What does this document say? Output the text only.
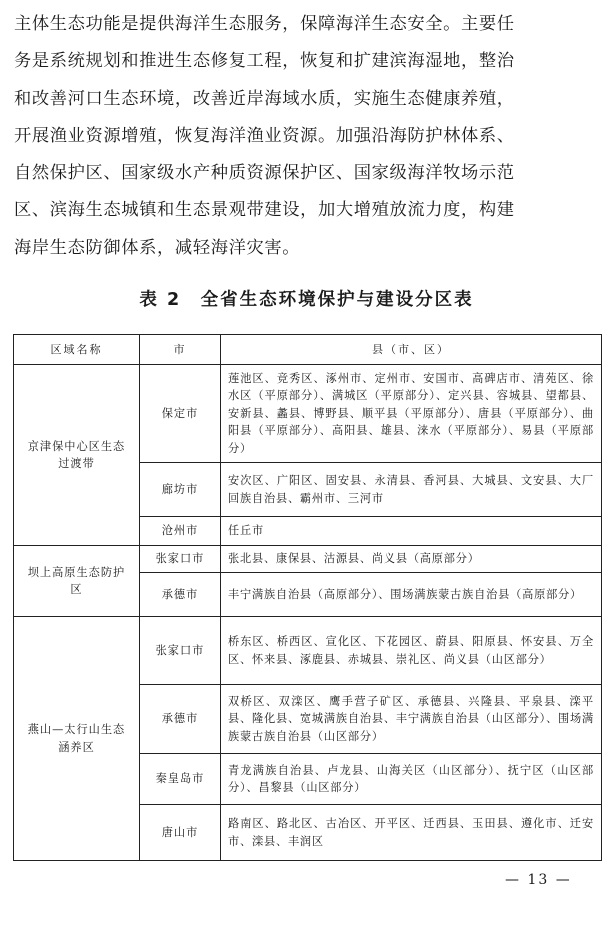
主体生态功能是提供海洋生态服务，保障海洋生态安全。主要任
务是系统规划和推进生态修复工程，恢复和扩建滨海湿地，整治
和改善河口生态环境，改善近岸海域水质，实施生态健康养殖，
开展渔业资源增殖，恢复海洋渔业资源。加强沿海防护林体系、
自然保护区、国家级水产种质资源保护区、国家级海洋牧场示范
区、滨海生态城镇和生态景观带建设，加大增殖放流力度，构建
海岸生态防御体系，减轻海洋灾害。
表 2　全省生态环境保护与建设分区表
区域名称	市	县（市、区）
京津保中心区生态过渡带	保定市	莲池区、竞秀区、涿州市、定州市、安国市、高碑店市、清苑区、徐水区（平原部分）、满城区（平原部分）、定兴县、容城县、望都县、安新县、蠡县、博野县、顺平县（平原部分）、唐县（平原部分）、曲阳县（平原部分）、高阳县、雄县、涞水（平原部分）、易县（平原部分）
	廊坊市	安次区、广阳区、固安县、永清县、香河县、大城县、文安县、大厂回族自治县、霸州市、三河市
	沧州市	任丘市
坝上高原生态防护区	张家口市	张北县、康保县、沽源县、尚义县（高原部分）
	承德市	丰宁满族自治县（高原部分）、围场满族蒙古族自治县（高原部分）
燕山—太行山生态涵养区	张家口市	桥东区、桥西区、宣化区、下花园区、蔚县、阳原县、怀安县、万全区、怀来县、涿鹿县、赤城县、崇礼区、尚义县（山区部分）
	承德市	双桥区、双滦区、鹰手营子矿区、承德县、兴隆县、平泉县、滦平县、隆化县、宽城满族自治县、丰宁满族自治县（山区部分）、围场满族蒙古族自治县（山区部分）
	秦皇岛市	青龙满族自治县、卢龙县、山海关区（山区部分）、抚宁区（山区部分）、昌黎县（山区部分）
	唐山市	路南区、路北区、古冶区、开平区、迁西县、玉田县、遵化市、迁安市、滦县、丰润区
— 13 —
